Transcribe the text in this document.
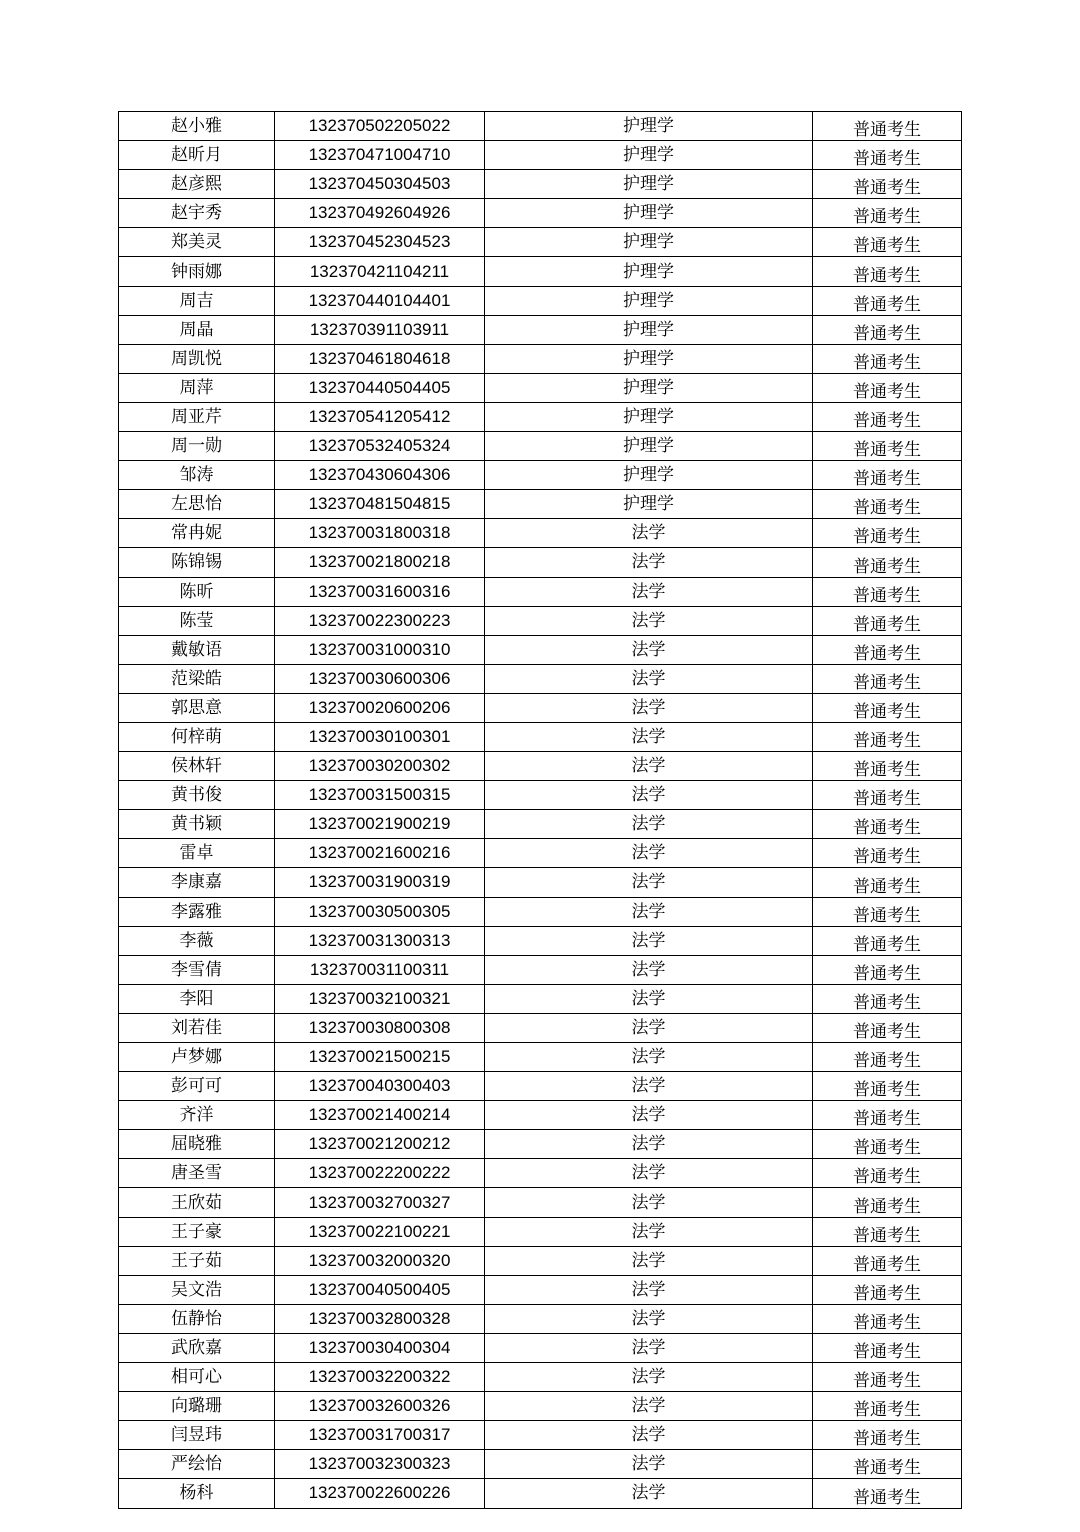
赵小雅	132370502205022	护理学	普通考生
赵昕月	132370471004710	护理学	普通考生
赵彦熙	132370450304503	护理学	普通考生
赵宇秀	132370492604926	护理学	普通考生
郑美灵	132370452304523	护理学	普通考生
钟雨娜	132370421104211	护理学	普通考生
周吉	132370440104401	护理学	普通考生
周晶	132370391103911	护理学	普通考生
周凯悦	132370461804618	护理学	普通考生
周萍	132370440504405	护理学	普通考生
周亚芹	132370541205412	护理学	普通考生
周一勋	132370532405324	护理学	普通考生
邹涛	132370430604306	护理学	普通考生
左思怡	132370481504815	护理学	普通考生
常冉妮	132370031800318	法学	普通考生
陈锦锡	132370021800218	法学	普通考生
陈昕	132370031600316	法学	普通考生
陈莹	132370022300223	法学	普通考生
戴敏语	132370031000310	法学	普通考生
范梁皓	132370030600306	法学	普通考生
郭思意	132370020600206	法学	普通考生
何梓萌	132370030100301	法学	普通考生
侯林轩	132370030200302	法学	普通考生
黄书俊	132370031500315	法学	普通考生
黄书颖	132370021900219	法学	普通考生
雷卓	132370021600216	法学	普通考生
李康嘉	132370031900319	法学	普通考生
李露雅	132370030500305	法学	普通考生
李薇	132370031300313	法学	普通考生
李雪倩	132370031100311	法学	普通考生
李阳	132370032100321	法学	普通考生
刘若佳	132370030800308	法学	普通考生
卢梦娜	132370021500215	法学	普通考生
彭可可	132370040300403	法学	普通考生
齐洋	132370021400214	法学	普通考生
屈晓雅	132370021200212	法学	普通考生
唐圣雪	132370022200222	法学	普通考生
王欣茹	132370032700327	法学	普通考生
王子豪	132370022100221	法学	普通考生
王子茹	132370032000320	法学	普通考生
吴文浩	132370040500405	法学	普通考生
伍静怡	132370032800328	法学	普通考生
武欣嘉	132370030400304	法学	普通考生
相可心	132370032200322	法学	普通考生
向璐珊	132370032600326	法学	普通考生
闫昱玮	132370031700317	法学	普通考生
严绘怡	132370032300323	法学	普通考生
杨科	132370022600226	法学	普通考生
